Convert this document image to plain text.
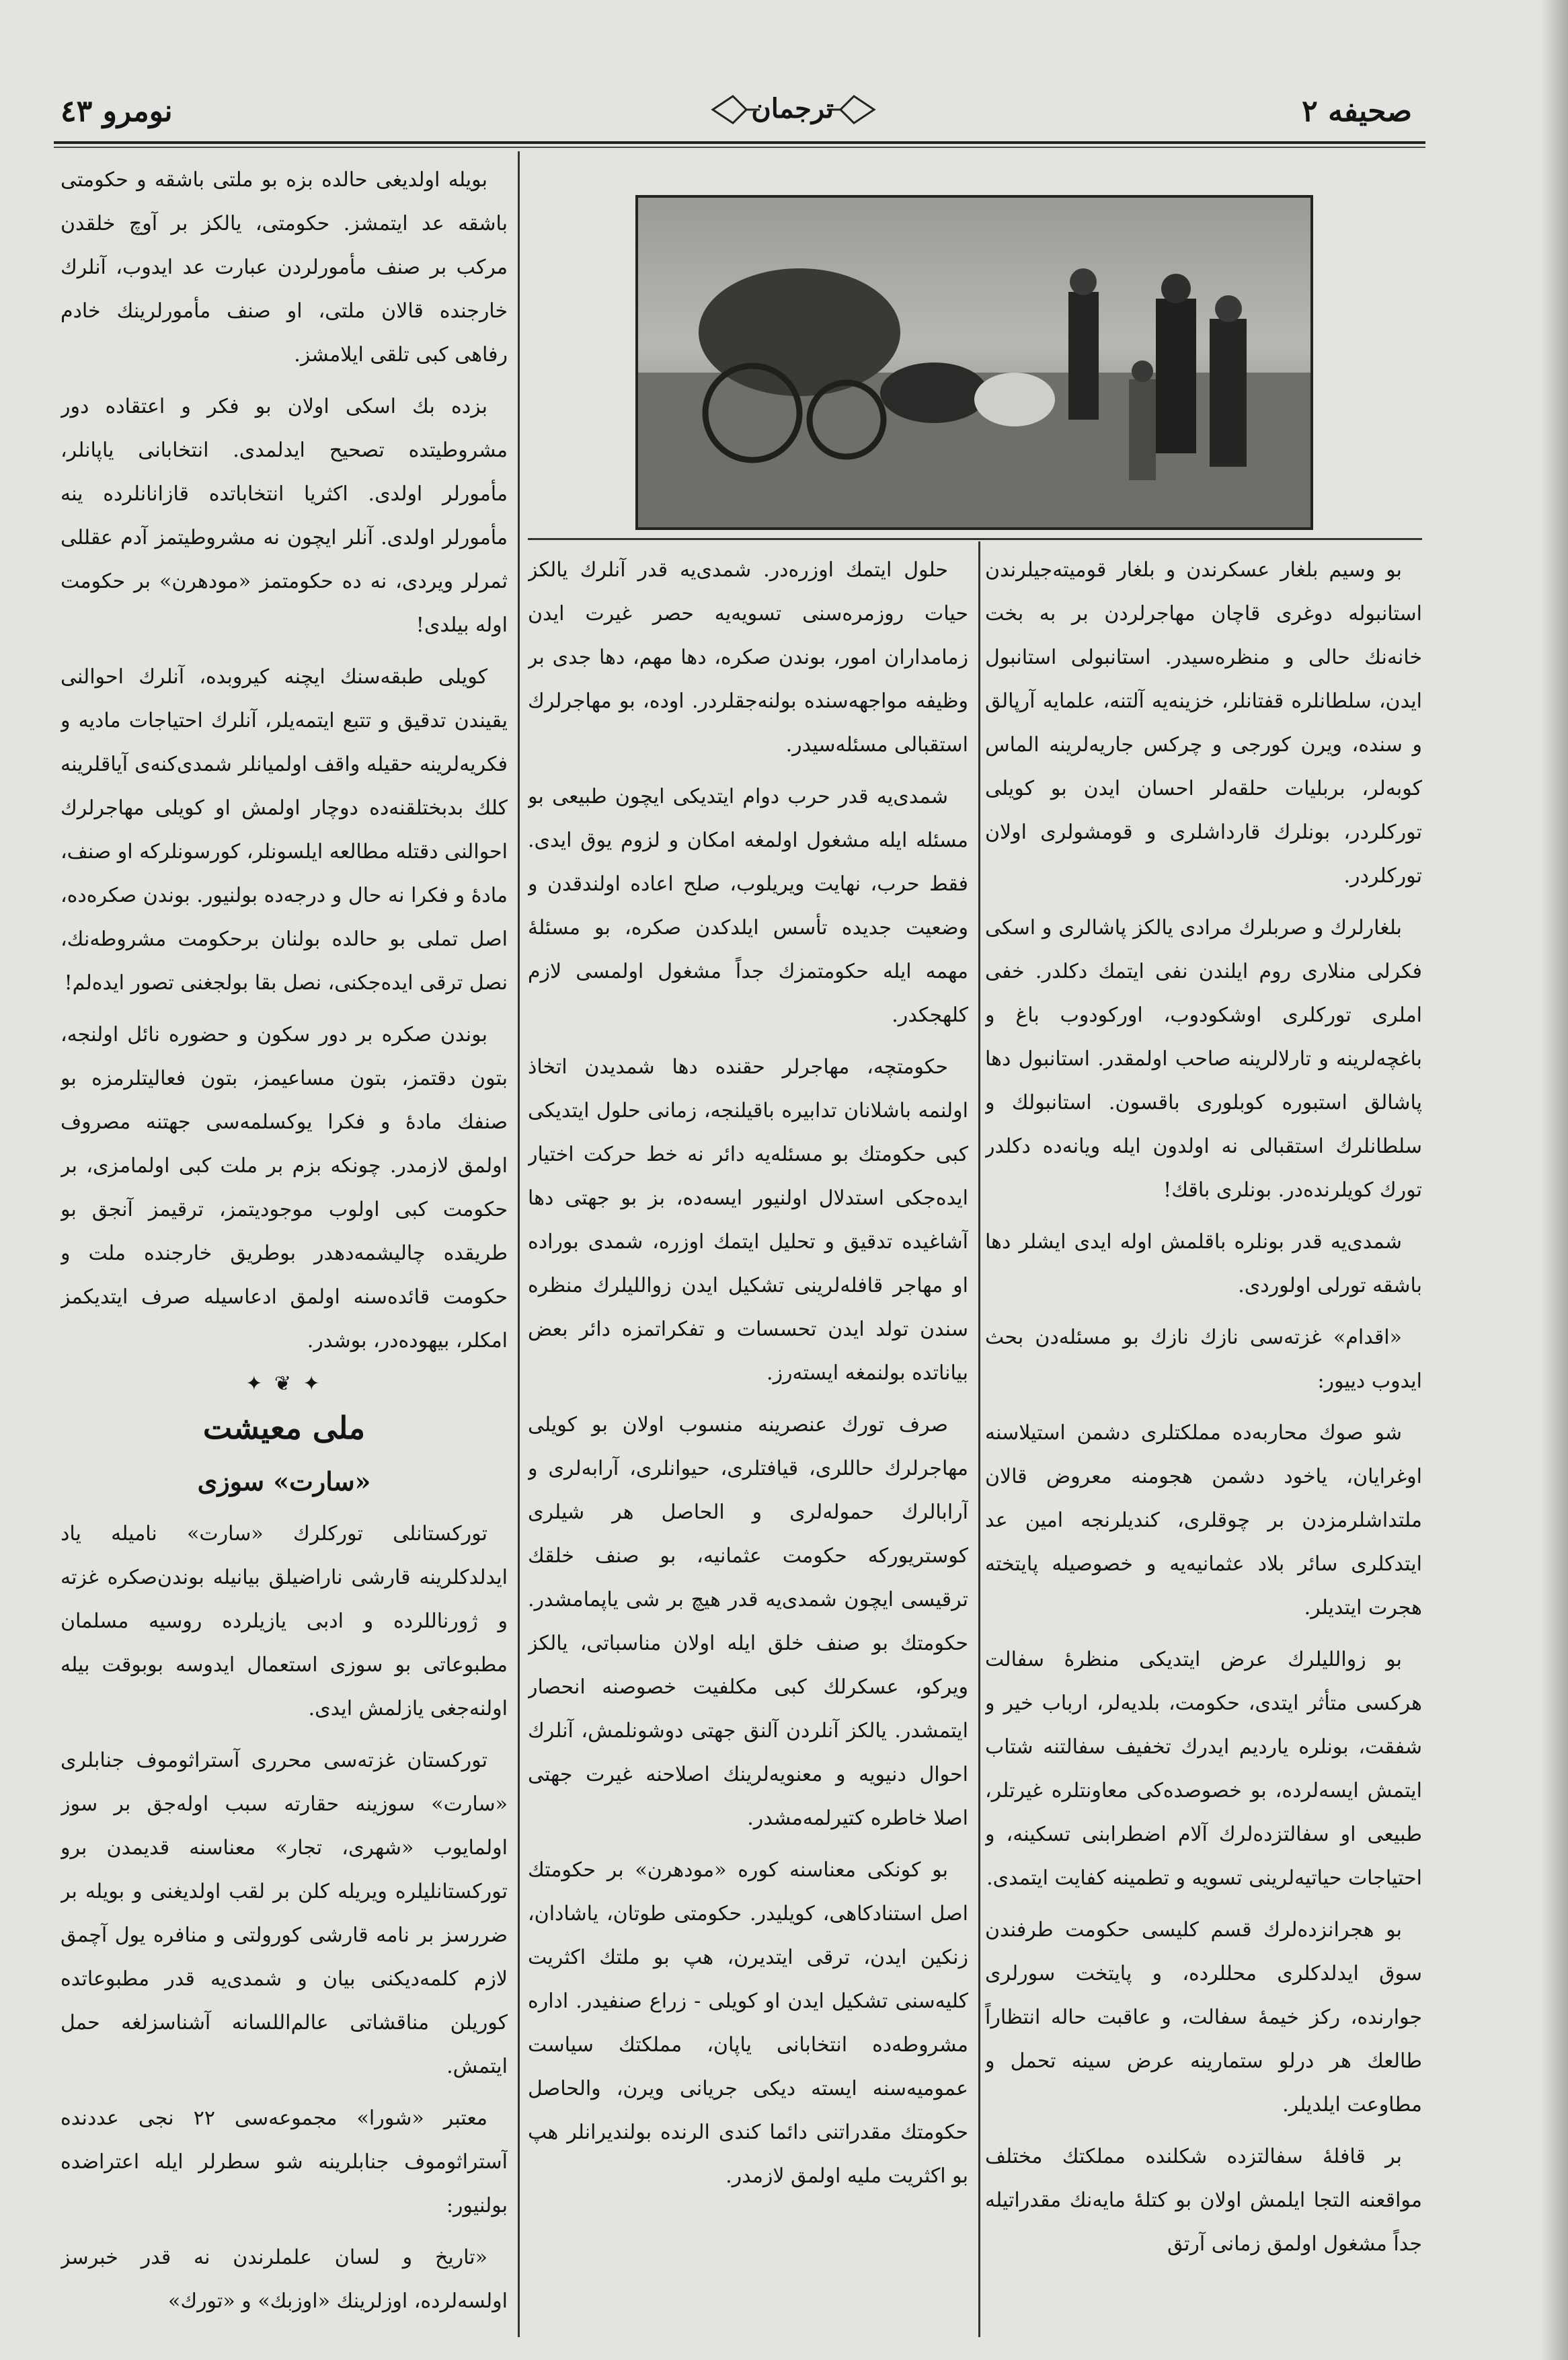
نومرو ٤٣	ترجمان	صحیفه ٢

بویله اولدیغی حالده بزه بو ملتی باشقه و حکومتی باشقه عد ایتمشز. حکومتی، یالکز بر آوچ خلقدن مرکب بر صنف مأمورلردن عبارت عد ایدوب، آنلرك خارجنده قالان ملتی، او صنف مأمورلرینك خادم رفاهی کبی تلقی ایلامشز.

بزده بك اسکی اولان بو فکر و اعتقاده دور مشروطیتده تصحیح ایدلمدی. انتخابانی یاپانلر، مأمورلر اولدی. اکثریا انتخاباتده قازانانلرده ینه مأمورلر اولدی. آنلر ایچون نه مشروطیتمز آدم عقللی ثمرلر ویردی، نه ده حکومتمز «مودهرن» بر حکومت اوله بیلدی!

کویلی طبقه‌سنك ایچنه کیروبده، آنلرك احوالنی یقیندن تدقیق و تتبع ایتمه‌یلر، آنلرك احتیاجات مادیه و فکریه‌لرینه حقیله واقف اولمیانلر شمدی‌کنه‌ی آیاقلرینه کلك بدبختلقنه‌ده دوچار اولمش او کویلی مهاجرلرك احوالنی دقتله مطالعه ایلسونلر، کورسونلرکه او صنف، مادهٔ و فکرا نه حال و درجه‌ده بولنیور. بوندن صکره‌ده، اصل تملی بو حالده بولنان برحکومت مشروطه‌نك، نصل ترقی ایده‌جکنی، نصل بقا بولجغنی تصور ایده‌لم!

بوندن صکره بر دور سکون و حضوره نائل اولنجه، بتون دقتمز، بتون مساعیمز، بتون فعالیتلرمزه بو صنفك مادهٔ و فکرا یوکسلمه‌سی جهتنه مصروف اولمق لازمدر. چونکه بزم بر ملت کبی اولمامزی، بر حکومت کبی اولوب موجودیتمز، ترقیمز آنجق بو طریقده چالیشمه‌دهدر بوطریق خارجنده ملت و حکومت قائده‌سنه اولمق ادعاسیله صرف ایتدیکمز امکلر، بیهوده‌در، بوشدر.

✦ ❦ ✦
ملی معیشت
«سارت» سوزی

توركستانلی توركلرك «سارت» نامیله یاد ایدلدکلرینه قارشی ناراضیلق بیانیله بوندن‌صکره غزته و ژورناللرده و ادبی یازیلرده روسیه مسلمان مطبوعاتی بو سوزی استعمال ایدوسه بوبوقت بیله اولنه‌جغی یازلمش ایدی.

توركستان غزته‌سی محرری آستراثوموف جنابلری «سارت» سوزینه حقارته سبب اوله‌جق بر سوز اولمایوب «شهری، تجار» معناسنه قدیمدن برو توركستانلیلره ویریله کلن بر لقب اولدیغنی و بویله بر ضررسز بر نامه قارشی کورولتی و منافره یول آچمق لازم کلمه‌دیکنی بیان و شمدی‌یه قدر مطبوعاتده کوریلن مناقشاتی عالم‌اللسانه آشناسزلغه حمل ایتمش.

معتبر «شورا» مجموعه‌سی ٢٢ نجی عددنده آستراثوموف جنابلرینه شو سطرلر ایله اعتراضده بولنیور:

«تاریخ و لسان علملرندن نه قدر خبرسز اولسه‌لرده، اوزلرینك «اوزبك» و «تورك»

حلول ایتمك اوزره‌در. شمدی‌یه قدر آنلرك یالکز حیات روزمره‌سنی تسویه‌یه حصر غیرت ایدن زمامداران امور، بوندن صکره، دها مهم، دها جدی بر وظیفه مواجهه‌سنده بولنه‌جقلردر. اوده، بو مهاجرلرك استقبالی مسئله‌سیدر.

شمدی‌یه قدر حرب دوام ایتدیکی ایچون طبیعی بو مسئله ایله مشغول اولمغه امکان و لزوم یوق ایدی. فقط حرب، نهایت ویریلوب، صلح اعاده اولندقدن و وضعیت جدیده تأسس ایلدکدن صکره، بو مسئلهٔ مهمه ایله حکومتمزك جداً مشغول اولمسی لازم کلهجکدر.

حکومتچه، مهاجرلر حقنده دها شمدیدن اتخاذ اولنمه باشلانان تدابیره باقیلنجه، زمانی حلول ایتدیکی کبی حکومتك بو مسئله‌یه دائر نه خط حرکت اختیار ایده‌جکی استدلال اولنیور ایسه‌ده، بز بو جهتی دها آشاغیده تدقیق و تحلیل ایتمك اوزره، شمدی بوراده او مهاجر قافله‌لرینی تشکیل ایدن زواللیلرك منظره سندن تولد ایدن تحسسات و تفکراتمزه دائر بعض بیاناتده بولنمغه ایسته‌رز.

صرف تورك عنصرینه منسوب اولان بو کویلی مهاجرلرك حاللری، قیافتلری، حیوانلری، آرابه‌لری و آرابالرك حموله‌لری و الحاصل هر شیلری کوستریورکه حکومت عثمانیه، بو صنف خلقك ترقیسی ایچون شمدی‌یه قدر هیچ بر شی یاپمامشدر. حکومتك بو صنف خلق ایله اولان مناسباتی، یالکز ویرکو، عسکرلك کبی مکلفیت خصوصنه انحصار ایتمشدر. یالکز آنلردن آلنق جهتی دوشونلمش، آنلرك احوال دنیویه و معنویه‌لرینك اصلاحنه غیرت جهتی اصلا خاطره کتیرلمه‌مشدر.

بو کونکی معناسنه کوره «مودهرن» بر حکومتك اصل استنادکاهی، کویلیدر. حکومتی طوتان، یاشادان، زنکین ایدن، ترقی ایتدیرن، هپ بو ملتك اکثریت کلیه‌سنی تشکیل ایدن او کویلی - زراع صنفیدر. اداره مشروطه‌ده انتخابانی یاپان، مملکتك سیاست عمومیه‌سنه ایسته دیکی جریانی ویرن، والحاصل حکومتك مقدراتنی دائما کندی الرنده بولندیرانلر هپ بو اکثریت ملیه اولمق لازمدر.

بو وسیم بلغار عسکرندن و بلغار قومیته‌جیلرندن استانبوله دوغری قاچان مهاجرلردن بر به بخت خانه‌نك حالی و منظره‌سیدر. استانبولی استانبول ایدن، سلطانلره قفتانلر، خزینه‌یه آلتنه، علمایه آرپالق و سنده، ویرن کورجی و چرکس جاریه‌لرینه الماس کوبه‌لر، بربلیات حلقه‌لر احسان ایدن بو کویلی تورکلردر، بونلرك قارداشلری و قومشولری اولان تورکلردر.

بلغارلرك و صربلرك مرادی یالکز پاشالری و اسکی فکرلی منلاری روم ایلندن نفی ایتمك دکلدر. خفی املری تورکلری اوشکودوب، اورکودوب باغ و باغچه‌لرینه و تارلالرینه صاحب اولمقدر. استانبول دها پاشالق استبوره کوبلوری باقسون. استانبولك و سلطانلرك استقبالی نه اولدون ایله ویانه‌ده دکلدر تورك کویلرنده‌در. بونلری باقك!

شمدی‌یه قدر بونلره باقلمش اوله ایدی ایشلر دها باشقه تورلی اولوردی.

«اقدام» غزته‌سی نازك نازك بو مسئله‌دن بحث ایدوب دییور:

شو صوك محاربه‌ده مملکتلری دشمن استیلاسنه اوغرایان، یاخود دشمن هجومنه معروض قالان ملتداشلرمزدن بر چوقلری، کندیلرنجه امین عد ایتدکلری سائر بلاد عثمانیه‌یه و خصوصیله پایتخته هجرت ایتدیلر.

بو زواللیلرك عرض ایتدیکی منظرهٔ سفالت هرکسی متأثر ایتدی، حکومت، بلدیه‌لر، ارباب خیر و شفقت، بونلره یاردیم ایدرك تخفیف سفالتنه شتاب ایتمش ایسه‌لرده، بو خصوصده‌کی معاونتلره غیرتلر، طبیعی او سفالتزده‌لرك آلام اضطرابنی تسکینه، و احتیاجات حیاتیه‌لرینی تسویه و تطمینه کفایت ایتمدی.

بو هجرانزده‌لرك قسم کلیسی حکومت طرفندن سوق ایدلدکلری محللرده، و پایتخت سورلری جوارنده، رکز خیمهٔ سفالت، و عاقبت حاله انتظاراً طالعك هر درلو ستمارینه عرض سینه تحمل و مطاوعت ایلدیلر.

بر قافلهٔ سفالتزده شکلنده مملکتك مختلف مواقعنه التجا ایلمش اولان بو کتلهٔ مایه‌نك مقدراتیله جداً مشغول اولمق زمانی آرتق
